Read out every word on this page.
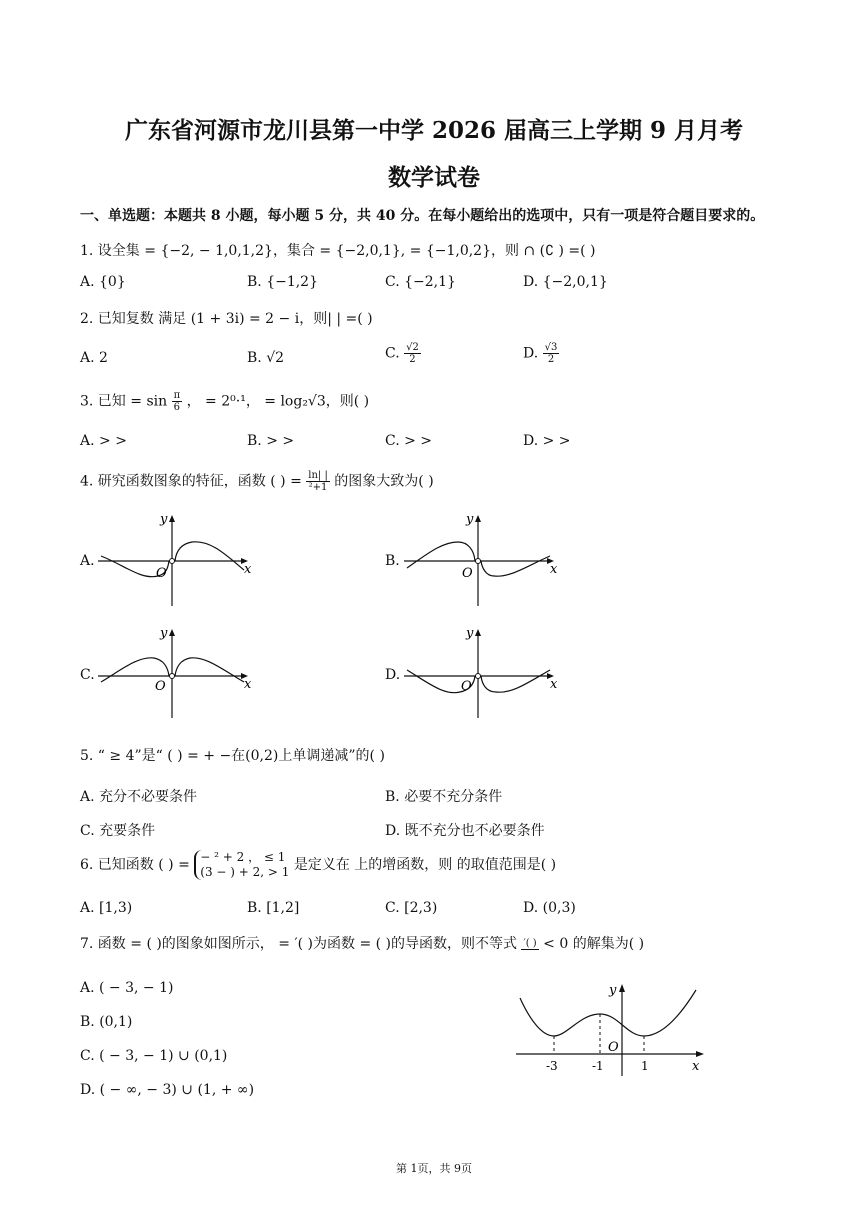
广东省河源市龙川县第一中学 2026 届高三上学期 9 月月考
数学试卷
一、单选题：本题共 8 小题，每小题 5 分，共 40 分。在每小题给出的选项中，只有一项是符合题目要求的。
1. 设全集 = {−2, − 1,0,1,2}，集合 = {−2,0,1}, = {−1,0,2}，则 ∩ (∁ ) =( )
A. {0}	B. {−1,2}	C. {−2,1}	D. {−2,0,1}
2. 已知复数 满足 (1 + 3i) = 2 − i，则| | =( )
A. 2	B. √2	C. $\frac{√2}{2}$	D. $\frac{√3}{2}$
3. 已知 = $\sin \frac{\pi}{6}$ ， = 2⁰·¹， = log₂√3，则( )
A. > >	B. > >	C. > >	D. > >
4. 研究函数图象的特征，函数 ( ) = $\frac{\ln| |}{\text{²+1}}$ 的图象大致为( )
A.	B.
C.	D.
y
x
O
y
x
O
y
x
O
y
x
O
5. “ ≥ 4”是“ ( ) = + −在(0,2)上单调递减”的( )
A. 充分不必要条件	B. 必要不充分条件
C. 充要条件	D. 既不充分也不必要条件
6. 已知函数 ( ) = − ² + 2 ， ≤ 1
(3 − ) + 2, > 1 是定义在 上的增函数，则 的取值范围是( )
A. [1,3)	B. [1,2]	C. [2,3)	D. (0,3)
7. 函数 = ( )的图象如图所示， = ′( )为函数 = ( )的导函数，则不等式 ′( ) < 0 的解集为( )
A. ( − 3, − 1)
B. (0,1)
C. ( − 3, − 1) ∪ (0,1)
D. ( − ∞, − 3) ∪ (1, + ∞)
y
x
O
-3	-1	1
第 1页，共 9页
